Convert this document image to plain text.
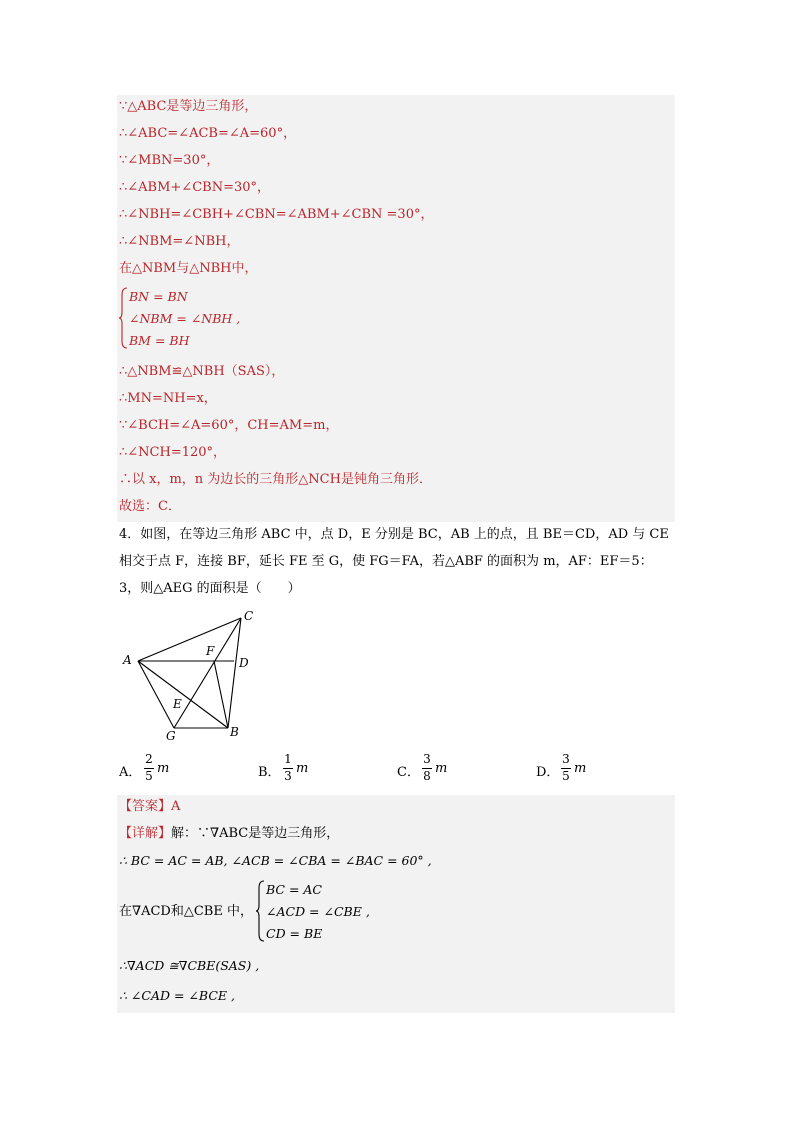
∵△ABC是等边三角形，
∴∠ABC=∠ACB=∠A=60°，
∵∠MBN=30°，
∴∠ABM+∠CBN=30°，
∴∠NBH=∠CBH+∠CBN=∠ABM+∠CBN =30°，
∴∠NBM=∠NBH，
在△NBM与△NBH中，
BN = BN
∠NBM = ∠NBH ,
BM = BH
∴△NBM≌△NBH（SAS），
∴MN=NH=x，
∵∠BCH=∠A=60°，CH=AM=m，
∴∠NCH=120°，
∴以 x，m，n 为边长的三角形△NCH是钝角三角形．
故选：C．
4．如图，在等边三角形 ABC 中，点 D，E 分别是 BC，AB 上的点，且 BE＝CD，AD 与 CE
相交于点 F，连接 BF，延长 FE 至 G，使 FG＝FA，若△ABF 的面积为 m，AF：EF＝5：
3，则△AEG 的面积是（　　）
C
A
F
D
E
G	B
A．
2
5 m	B．
1
3 m	C．
3
8 m	D．
3
5 m
【答案】A
【详解】解：∵∇ABC是等边三角形，
∴ BC = AC = AB, ∠ACB = ∠CBA = ∠BAC = 60° ,
在∇ACD和△CBE 中，
BC = AC
∠ACD = ∠CBE ,
CD = BE
∴∇ACD ≅∇CBE(SAS) ,
∴ ∠CAD = ∠BCE ,
